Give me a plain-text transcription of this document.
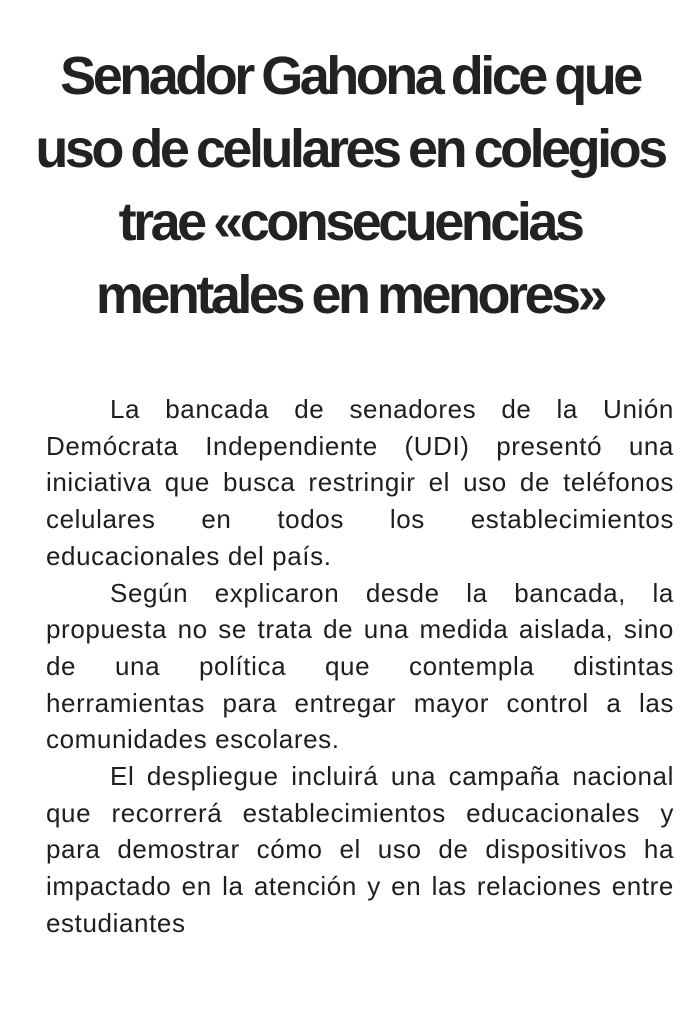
Senador Gahona dice que uso de celulares en colegios trae «consecuencias mentales en menores»

La bancada de senadores de la Unión Demócrata Independiente (UDI) presentó una iniciativa que busca restringir el uso de teléfonos celulares en todos los establecimientos educacionales del país.

Según explicaron desde la bancada, la propuesta no se trata de una medida aislada, sino de una política que contempla distintas herramientas para entregar mayor control a las comunidades escolares.

El despliegue incluirá una campaña nacional que recorrerá establecimientos educacionales y para demostrar cómo el uso de dispositivos ha impactado en la atención y en las relaciones entre estudiantes
